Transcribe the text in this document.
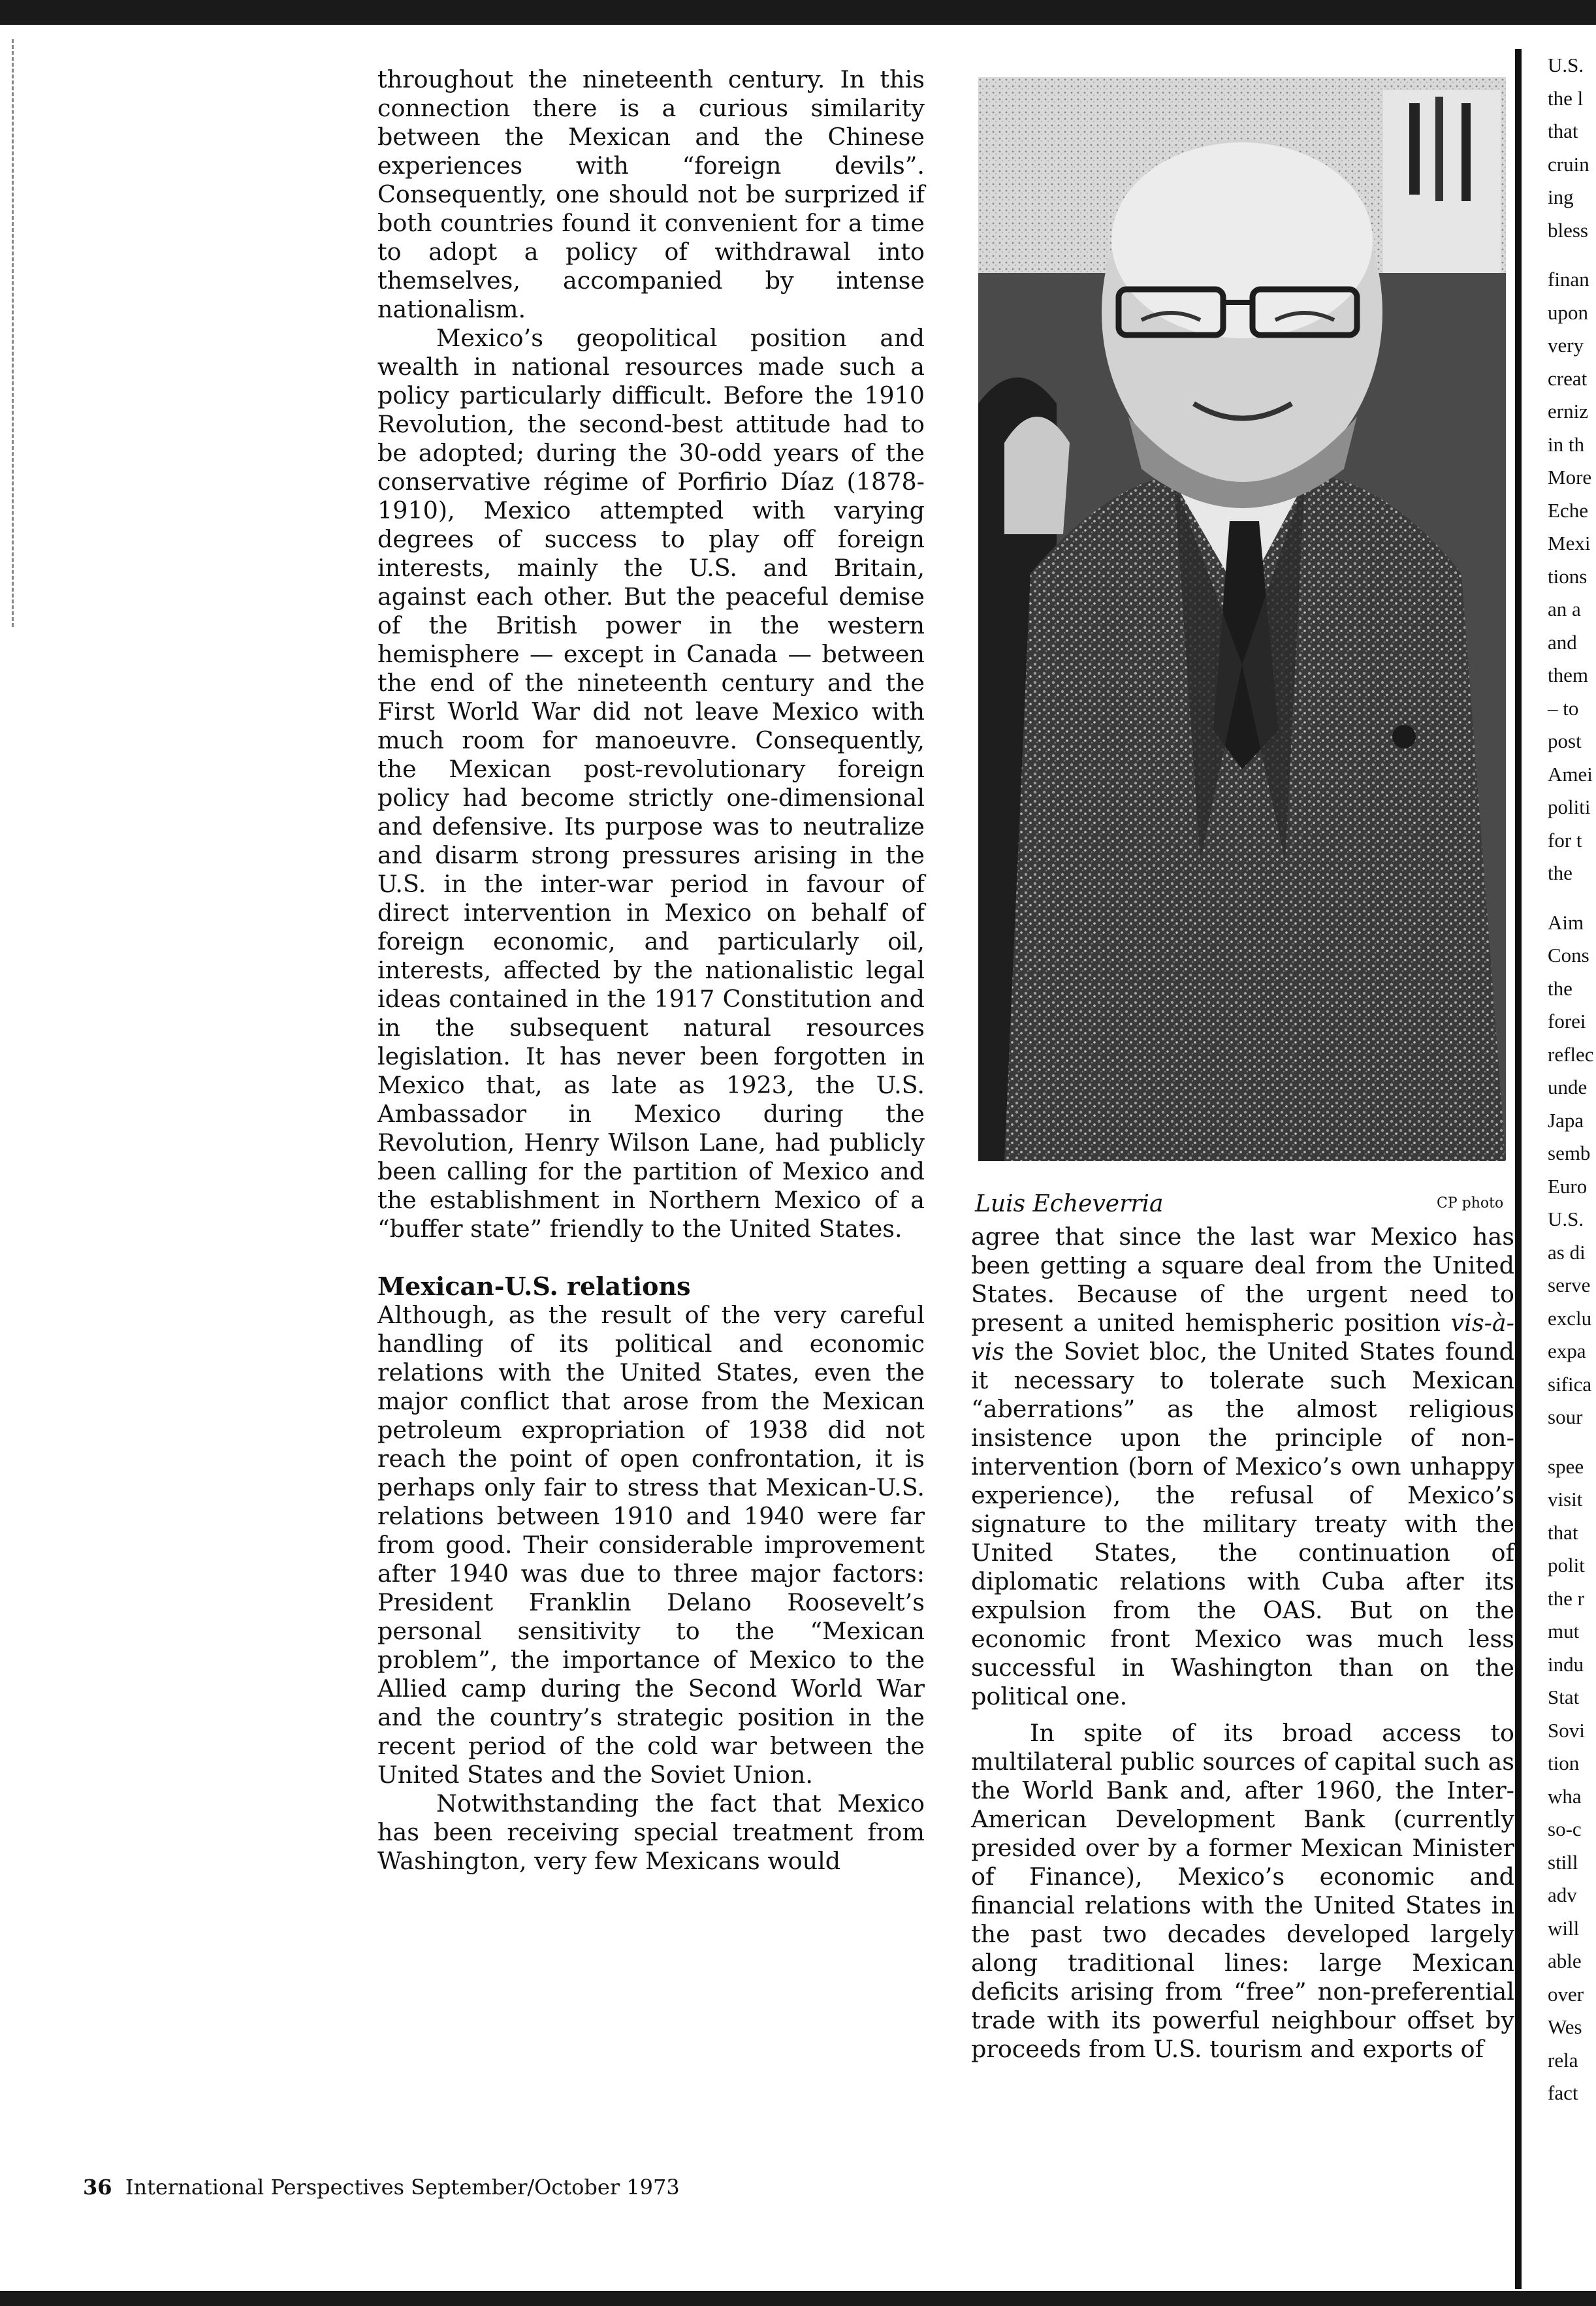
throughout the nineteenth century. In this connection there is a curious similarity between the Mexican and the Chinese experiences with “foreign devils”. Consequently, one should not be surprized if both countries found it convenient for a time to adopt a policy of withdrawal into themselves, accompanied by intense nationalism.

Mexico’s geopolitical position and wealth in national resources made such a policy particularly difficult. Before the 1910 Revolution, the second-best attitude had to be adopted; during the 30-odd years of the conservative régime of Porfirio Díaz (1878-1910), Mexico attempted with varying degrees of success to play off foreign interests, mainly the U.S. and Britain, against each other. But the peaceful demise of the British power in the western hemisphere — except in Canada — between the end of the nineteenth century and the First World War did not leave Mexico with much room for manoeuvre. Consequently, the Mexican post-revolutionary foreign policy had become strictly one-dimensional and defensive. Its purpose was to neutralize and disarm strong pressures arising in the U.S. in the inter-war period in favour of direct intervention in Mexico on behalf of foreign economic, and particularly oil, interests, affected by the nationalistic legal ideas contained in the 1917 Constitution and in the subsequent natural resources legislation. It has never been forgotten in Mexico that, as late as 1923, the U.S. Ambassador in Mexico during the Revolution, Henry Wilson Lane, had publicly been calling for the partition of Mexico and the establishment in Northern Mexico of a “buffer state” friendly to the United States.

Mexican-U.S. relations

Although, as the result of the very careful handling of its political and economic relations with the United States, even the major conflict that arose from the Mexican petroleum expropriation of 1938 did not reach the point of open confrontation, it is perhaps only fair to stress that Mexican-U.S. relations between 1910 and 1940 were far from good. Their considerable improvement after 1940 was due to three major factors: President Franklin Delano Roosevelt’s personal sensitivity to the “Mexican problem”, the importance of Mexico to the Allied camp during the Second World War and the country’s strategic position in the recent period of the cold war between the United States and the Soviet Union.

Notwithstanding the fact that Mexico has been receiving special treatment from Washington, very few Mexicans would

Luis Echeverria	CP photo

agree that since the last war Mexico has been getting a square deal from the United States. Because of the urgent need to present a united hemispheric position vis-à-vis the Soviet bloc, the United States found it necessary to tolerate such Mexican “aberrations” as the almost religious insistence upon the principle of non-intervention (born of Mexico’s own unhappy experience), the refusal of Mexico’s signature to the military treaty with the United States, the continuation of diplomatic relations with Cuba after its expulsion from the OAS. But on the economic front Mexico was much less successful in Washington than on the political one.

In spite of its broad access to multilateral public sources of capital such as the World Bank and, after 1960, the Inter-American Development Bank (currently presided over by a former Mexican Minister of Finance), Mexico’s economic and financial relations with the United States in the past two decades developed largely along traditional lines: large Mexican deficits arising from “free” non-preferential trade with its powerful neighbour offset by proceeds from U.S. tourism and exports of

36 International Perspectives September/October 1973
U.S.
the l
that
cruin
ing
bless
finan
upon
very
creat
erniz
in th
More
Eche
Mexi
tions
an a
and
them
– to
post
Amei
politi
for t
the
Aim
Cons
the
forei
reflec
unde
Japa
semb
Euro
U.S.
as di
serve
exclu
expa
sifica
sour
spee
visit
that
polit
the r
mut
indu
Stat
Sovi
tion
wha
so-c
still
adv
will
able
over
Wes
rela
fact
